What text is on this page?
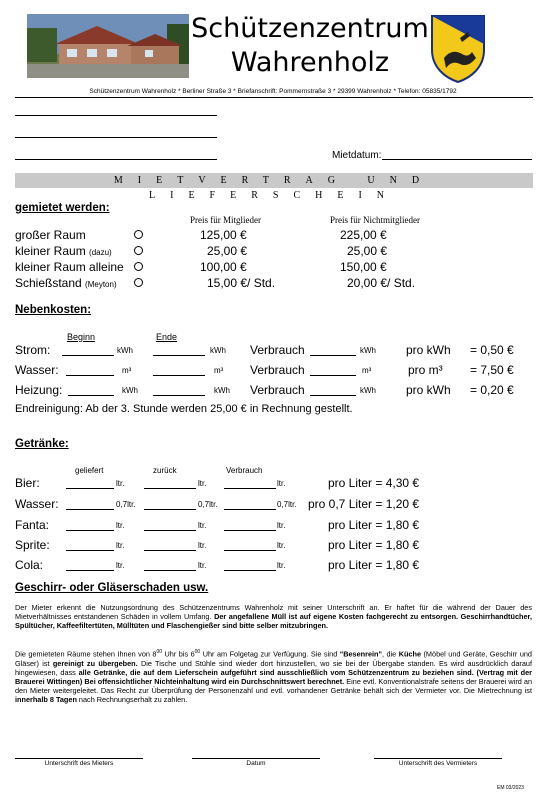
Schützenzentrum
Wahrenholz
Schützenzentrum Wahrenholz * Berliner Straße 3 * Briefanschrift: Pommernstraße 3 * 29399 Wahrenholz * Telefon: 05835/1792
Mietdatum:
MIETVERTRAG UND LIEFERSCHEIN
gemietet werden:
Preis für Mitglieder	Preis für Nichtmitglieder
großer Raum	125,00 €	225,00 €
kleiner Raum (dazu)	25,00 €	25,00 €
kleiner Raum alleine	100,00 €	150,00 €
Schießstand (Meyton)	15,00 €/ Std.	20,00 €/ Std.
Nebenkosten:
Beginn	Ende
Strom:	kWh	kWh Verbrauch	kWh	pro kWh = 0,50 €
Wasser:	m³	m³ Verbrauch	m³	pro m³ = 7,50 €
Heizung:	kWh	kWh Verbrauch	kWh	pro kWh = 0,20 €
Endreinigung: Ab der 3. Stunde werden 25,00 € in Rechnung gestellt.
Getränke:
geliefert	zurück	Verbrauch
Bier:	ltr.	ltr.	ltr.	pro Liter = 4,30 €
Wasser:	0,7ltr.	0,7ltr.	0,7ltr. pro 0,7 Liter = 1,20 €
Fanta:	ltr.	ltr.	ltr.	pro Liter = 1,80 €
Sprite:	ltr.	ltr.	ltr.	pro Liter = 1,80 €
Cola:	ltr.	ltr.	ltr.	pro Liter = 1,80 €
Geschirr- oder Gläserschaden usw.
Der Mieter erkennt die Nutzungsordnung des Schützenzentrums Wahrenholz mit seiner Unterschrift an. Er haftet für die während der Dauer des Mietverhältnisses entstandenen Schäden in vollem Umfang. Der angefallene Müll ist auf eigene Kosten fachgerecht zu entsorgen. Geschirrhandtücher, Spültücher, Kaffeefiltertüten, Mülltüten und Flaschengießer sind bitte selber mitzubringen.
Die gemieteten Räume stehen Ihnen von $8^{00}$ Uhr bis $6^{00}$ Uhr am Folgetag zur Verfügung. Sie sind "Besenrein", die Küche (Möbel und Geräte, Geschirr und Gläser) ist gereinigt zu übergeben. Die Tische und Stühle sind wieder dort hinzustellen, wo sie bei der Übergabe standen. Es wird ausdrücklich darauf hingewiesen, dass alle Getränke, die auf dem Lieferschein aufgeführt sind ausschließlich vom Schützenzentrum zu beziehen sind. (Vertrag mit der Brauerei Wittingen) Bei offensichtlicher Nichteinhaltung wird ein Durchschnittswert berechnet. Eine evtl. Konventionalstrafe seitens der Brauerei wird an den Mieter weitergeleitet. Das Recht zur Überprüfung der Personenzahl und evtl. vorhandener Getränke behält sich der Vermieter vor. Die Mietrechnung ist innerhalb 8 Tagen nach Rechnungserhalt zu zahlen.
Unterschrift des Mieters	Datum	Unterschrift des Vermieters
EM 03/2023
